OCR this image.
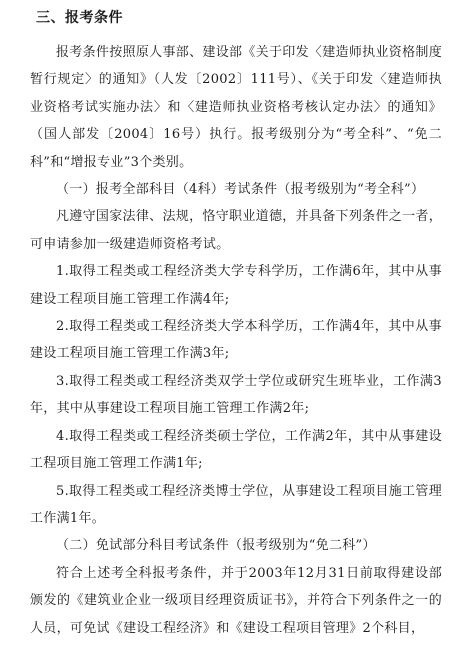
三、报考条件

报考条件按照原人事部、建设部《关于印发〈建造师执业资格制度暂行规定〉的通知》（人发〔2002〕111号）、《关于印发〈建造师执业资格考试实施办法〉和〈建造师执业资格考核认定办法〉的通知》（国人部发〔2004〕16号）执行。报考级别分为“考全科”、“免二科”和“增报专业”3个类别。

（一）报考全部科目（4科）考试条件（报考级别为“考全科”）

凡遵守国家法律、法规，恪守职业道德，并具备下列条件之一者，可申请参加一级建造师资格考试。

1.取得工程类或工程经济类大学专科学历，工作满6年，其中从事建设工程项目施工管理工作满4年;

2.取得工程类或工程经济类大学本科学历，工作满4年，其中从事建设工程项目施工管理工作满3年;

3.取得工程类或工程经济类双学士学位或研究生班毕业，工作满3年，其中从事建设工程项目施工管理工作满2年;

4.取得工程类或工程经济类硕士学位，工作满2年，其中从事建设工程项目施工管理工作满1年;

5.取得工程类或工程经济类博士学位，从事建设工程项目施工管理工作满1年。

（二）免试部分科目考试条件（报考级别为“免二科”）

符合上述考全科报考条件，并于2003年12月31日前取得建设部颁发的《建筑业企业一级项目经理资质证书》，并符合下列条件之一的人员，可免试《建设工程经济》和《建设工程项目管理》2个科目，
